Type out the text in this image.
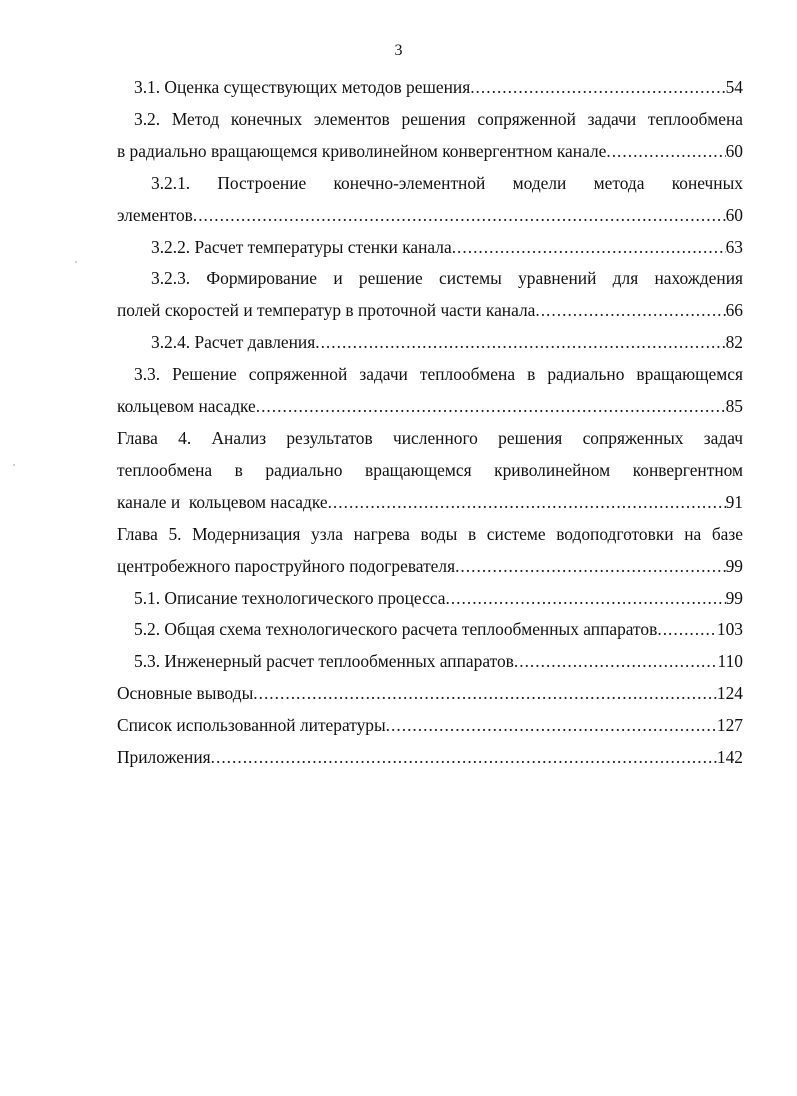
3
3.1. Оценка существующих методов решения .....	54
3.2. Метод конечных элементов решения сопряженной задачи теплообмена
в радиально вращающемся криволинейном конвергентном канале .....	60
3.2.1. Построение конечно-элементной модели метода конечных
элементов .....	60
3.2.2. Расчет температуры стенки канала .....	63
3.2.3. Формирование и решение системы уравнений для нахождения
полей скоростей и температур в проточной части канала .....	66
3.2.4. Расчет давления .....	82
3.3. Решение сопряженной задачи теплообмена в радиально вращающемся
кольцевом насадке .....	85
Глава 4. Анализ результатов численного решения сопряженных задач
теплообмена в радиально вращающемся криволинейном конвергентном
канале и  кольцевом насадке .....	91
Глава 5. Модернизация узла нагрева воды в системе водоподготовки на базе
центробежного пароструйного подогревателя .....	99
5.1. Описание технологического процесса .....	99
5.2. Общая схема технологического расчета теплообменных аппаратов .....	103
5.3. Инженерный расчет теплообменных аппаратов .....	110
Основные выводы .....	124
Список использованной литературы .....	127
Приложения .....	142
